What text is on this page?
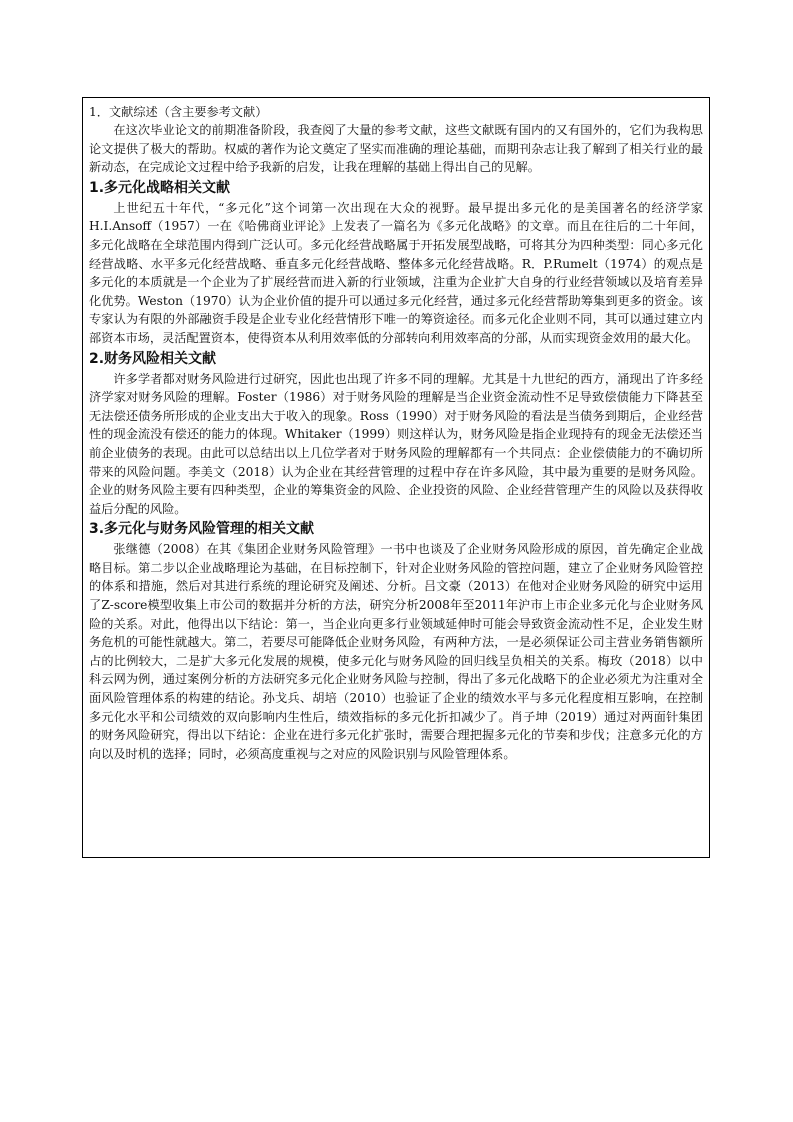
1．文献综述（含主要参考文献）

在这次毕业论文的前期准备阶段，我查阅了大量的参考文献，这些文献既有国内的又有国外的，它们为我构思论文提供了极大的帮助。权威的著作为论文奠定了坚实而准确的理论基础，而期刊杂志让我了解到了相关行业的最新动态，在完成论文过程中给予我新的启发，让我在理解的基础上得出自己的见解。

1.多元化战略相关文献

上世纪五十年代，“多元化”这个词第一次出现在大众的视野。最早提出多元化的是美国著名的经济学家H.I.Ansoff（1957）一在《哈佛商业评论》上发表了一篇名为《多元化战略》的文章。而且在往后的二十年间，多元化战略在全球范围内得到广泛认可。多元化经营战略属于开拓发展型战略，可将其分为四种类型：同心多元化经营战略、水平多元化经营战略、垂直多元化经营战略、整体多元化经营战略。R．P.Rumelt（1974）的观点是多元化的本质就是一个企业为了扩展经营而进入新的行业领域，注重为企业扩大自身的行业经营领域以及培育差异化优势。Weston（1970）认为企业价值的提升可以通过多元化经营，通过多元化经营帮助筹集到更多的资金。该专家认为有限的外部融资手段是企业专业化经营情形下唯一的筹资途径。而多元化企业则不同，其可以通过建立内部资本市场，灵活配置资本，使得资本从利用效率低的分部转向利用效率高的分部，从而实现资金效用的最大化。

2.财务风险相关文献

许多学者都对财务风险进行过研究，因此也出现了许多不同的理解。尤其是十九世纪的西方，涌现出了许多经济学家对财务风险的理解。Foster（1986）对于财务风险的理解是当企业资金流动性不足导致偿债能力下降甚至无法偿还债务所形成的企业支出大于收入的现象。Ross（1990）对于财务风险的看法是当债务到期后，企业经营性的现金流没有偿还的能力的体现。Whitaker（1999）则这样认为，财务风险是指企业现持有的现金无法偿还当前企业债务的表现。由此可以总结出以上几位学者对于财务风险的理解都有一个共同点：企业偿债能力的不确切所带来的风险问题。李美文（2018）认为企业在其经营管理的过程中存在许多风险，其中最为重要的是财务风险。企业的财务风险主要有四种类型，企业的筹集资金的风险、企业投资的风险、企业经营管理产生的风险以及获得收益后分配的风险。

3.多元化与财务风险管理的相关文献

张继德（2008）在其《集团企业财务风险管理》一书中也谈及了企业财务风险形成的原因，首先确定企业战略目标。第二步以企业战略理论为基础，在目标控制下，针对企业财务风险的管控问题，建立了企业财务风险管控的体系和措施，然后对其进行系统的理论研究及阐述、分析。吕文豪（2013）在他对企业财务风险的研究中运用了Z-score模型收集上市公司的数据并分析的方法，研究分析2008年至2011年沪市上市企业多元化与企业财务风险的关系。对此，他得出以下结论：第一，当企业向更多行业领域延伸时可能会导致资金流动性不足，企业发生财务危机的可能性就越大。第二，若要尽可能降低企业财务风险，有两种方法，一是必须保证公司主营业务销售额所占的比例较大，二是扩大多元化发展的规模，使多元化与财务风险的回归线呈负相关的关系。梅玫（2018）以中科云网为例，通过案例分析的方法研究多元化企业财务风险与控制，得出了多元化战略下的企业必须尤为注重对全面风险管理体系的构建的结论。孙戈兵、胡培（2010）也验证了企业的绩效水平与多元化程度相互影响，在控制多元化水平和公司绩效的双向影响内生性后，绩效指标的多元化折扣减少了。肖子坤（2019）通过对两面针集团的财务风险研究，得出以下结论：企业在进行多元化扩张时，需要合理把握多元化的节奏和步伐；注意多元化的方向以及时机的选择；同时，必须高度重视与之对应的风险识别与风险管理体系。
